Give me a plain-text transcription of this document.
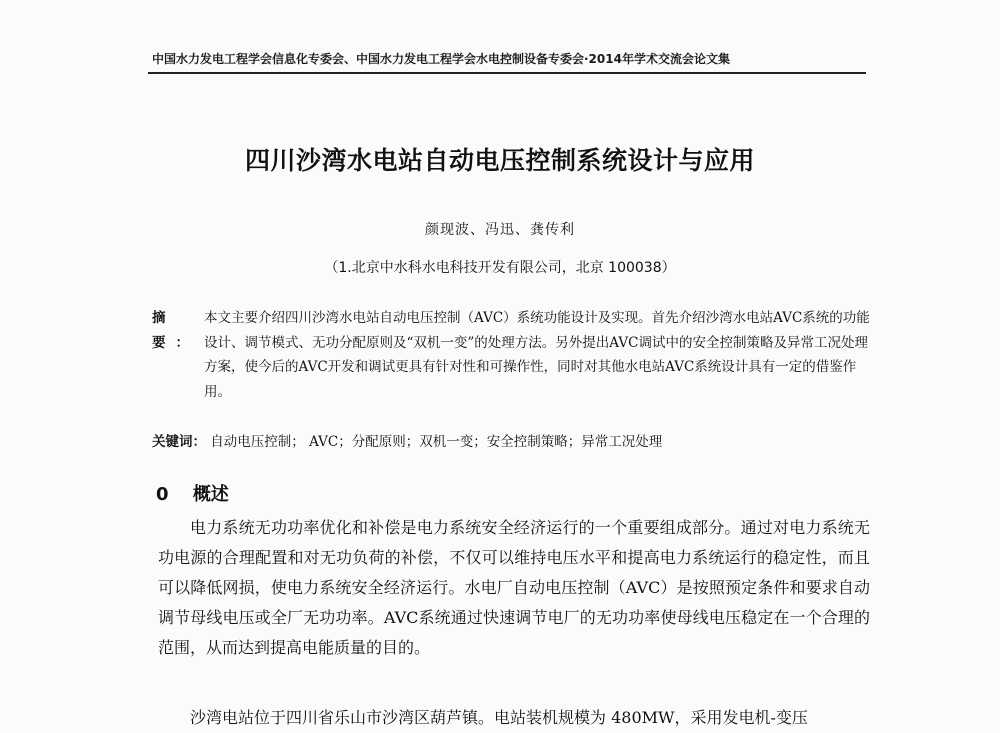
中国水力发电工程学会信息化专委会、中国水力发电工程学会水电控制设备专委会·2014年学术交流会论文集
四川沙湾水电站自动电压控制系统设计与应用
颜现波、冯迅、龚传利
（1.北京中水科水电科技开发有限公司，北京 100038）
摘要：
本文主要介绍四川沙湾水电站自动电压控制（AVC）系统功能设计及实现。首先介绍沙湾水电站AVC系统的功能设计、调节模式、无功分配原则及“双机一变”的处理方法。另外提出AVC调试中的安全控制策略及异常工况处理方案，使今后的AVC开发和调试更具有针对性和可操作性，同时对其他水电站AVC系统设计具有一定的借鉴作用。
关键词： 自动电压控制； AVC；分配原则；双机一变；安全控制策略；异常工况处理
0 概述

电力系统无功功率优化和补偿是电力系统安全经济运行的一个重要组成部分。通过对电力系统无功电源的合理配置和对无功负荷的补偿，不仅可以维持电压水平和提高电力系统运行的稳定性，而且可以降低网损，使电力系统安全经济运行。水电厂自动电压控制（AVC）是按照预定条件和要求自动调节母线电压或全厂无功功率。AVC系统通过快速调节电厂的无功功率使母线电压稳定在一个合理的范围，从而达到提高电能质量的目的。

沙湾电站位于四川省乐山市沙湾区葫芦镇。电站装机规模为 480MW，采用发电机-变压
